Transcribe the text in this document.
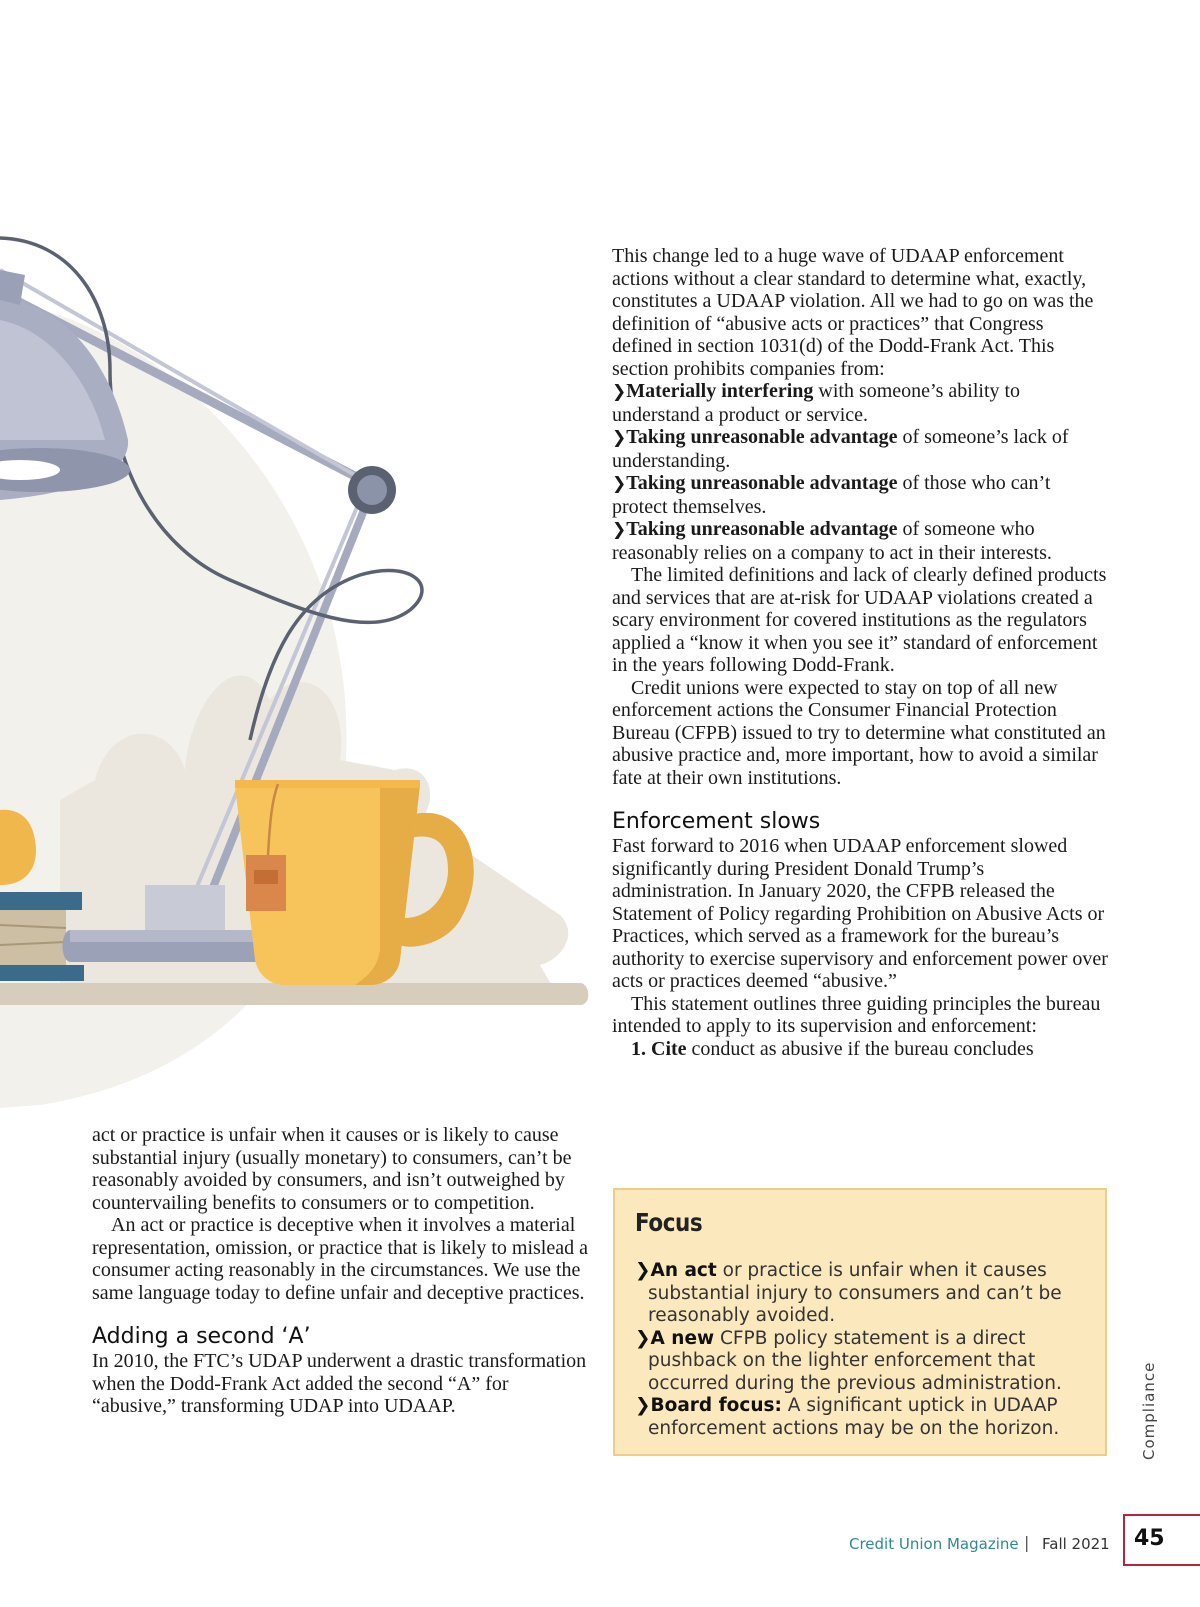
This change led to a huge wave of UDAAP enforcement actions without a clear standard to determine what, exactly, constitutes a UDAAP violation. All we had to go on was the definition of “abusive acts or practices” that Congress defined in section 1031(d) of the Dodd-Frank Act. This section prohibits companies from:

❯Materially interfering with someone’s ability to understand a product or service.

❯Taking unreasonable advantage of someone’s lack of understanding.

❯Taking unreasonable advantage of those who can’t protect themselves.

❯Taking unreasonable advantage of someone who reasonably relies on a company to act in their interests.

The limited definitions and lack of clearly defined products and services that are at-risk for UDAAP violations created a scary environment for covered institutions as the regulators applied a “know it when you see it” standard of enforcement in the years following Dodd-Frank.

Credit unions were expected to stay on top of all new enforcement actions the Consumer Financial Protection Bureau (CFPB) issued to try to determine what constituted an abusive practice and, more important, how to avoid a similar fate at their own institutions.

Enforcement slows

Fast forward to 2016 when UDAAP enforcement slowed significantly during President Donald Trump’s administration. In January 2020, the CFPB released the Statement of Policy regarding Prohibition on Abusive Acts or Practices, which served as a framework for the bureau’s authority to exercise supervisory and enforcement power over acts or practices deemed “abusive.”

This statement outlines three guiding principles the bureau intended to apply to its supervision and enforcement:

1. Cite conduct as abusive if the bureau concludes

act or practice is unfair when it causes or is likely to cause substantial injury (usually monetary) to consumers, can’t be reasonably avoided by consumers, and isn’t outweighed by countervailing benefits to consumers or to competition.

An act or practice is deceptive when it involves a material representation, omission, or practice that is likely to mislead a consumer acting reasonably in the circumstances. We use the same language today to define unfair and deceptive practices.

Adding a second ‘A’

In 2010, the FTC’s UDAP underwent a drastic transformation when the Dodd-Frank Act added the second “A” for “abusive,” transforming UDAP into UDAAP.

Focus

❯An act or practice is unfair when it causes substantial injury to consumers and can’t be reasonably avoided.

❯A new CFPB policy statement is a direct pushback on the lighter enforcement that occurred during the previous administration.

❯Board focus: A significant uptick in UDAAP enforcement actions may be on the horizon.	Compliance
Credit Union Magazine | Fall 2021 45
